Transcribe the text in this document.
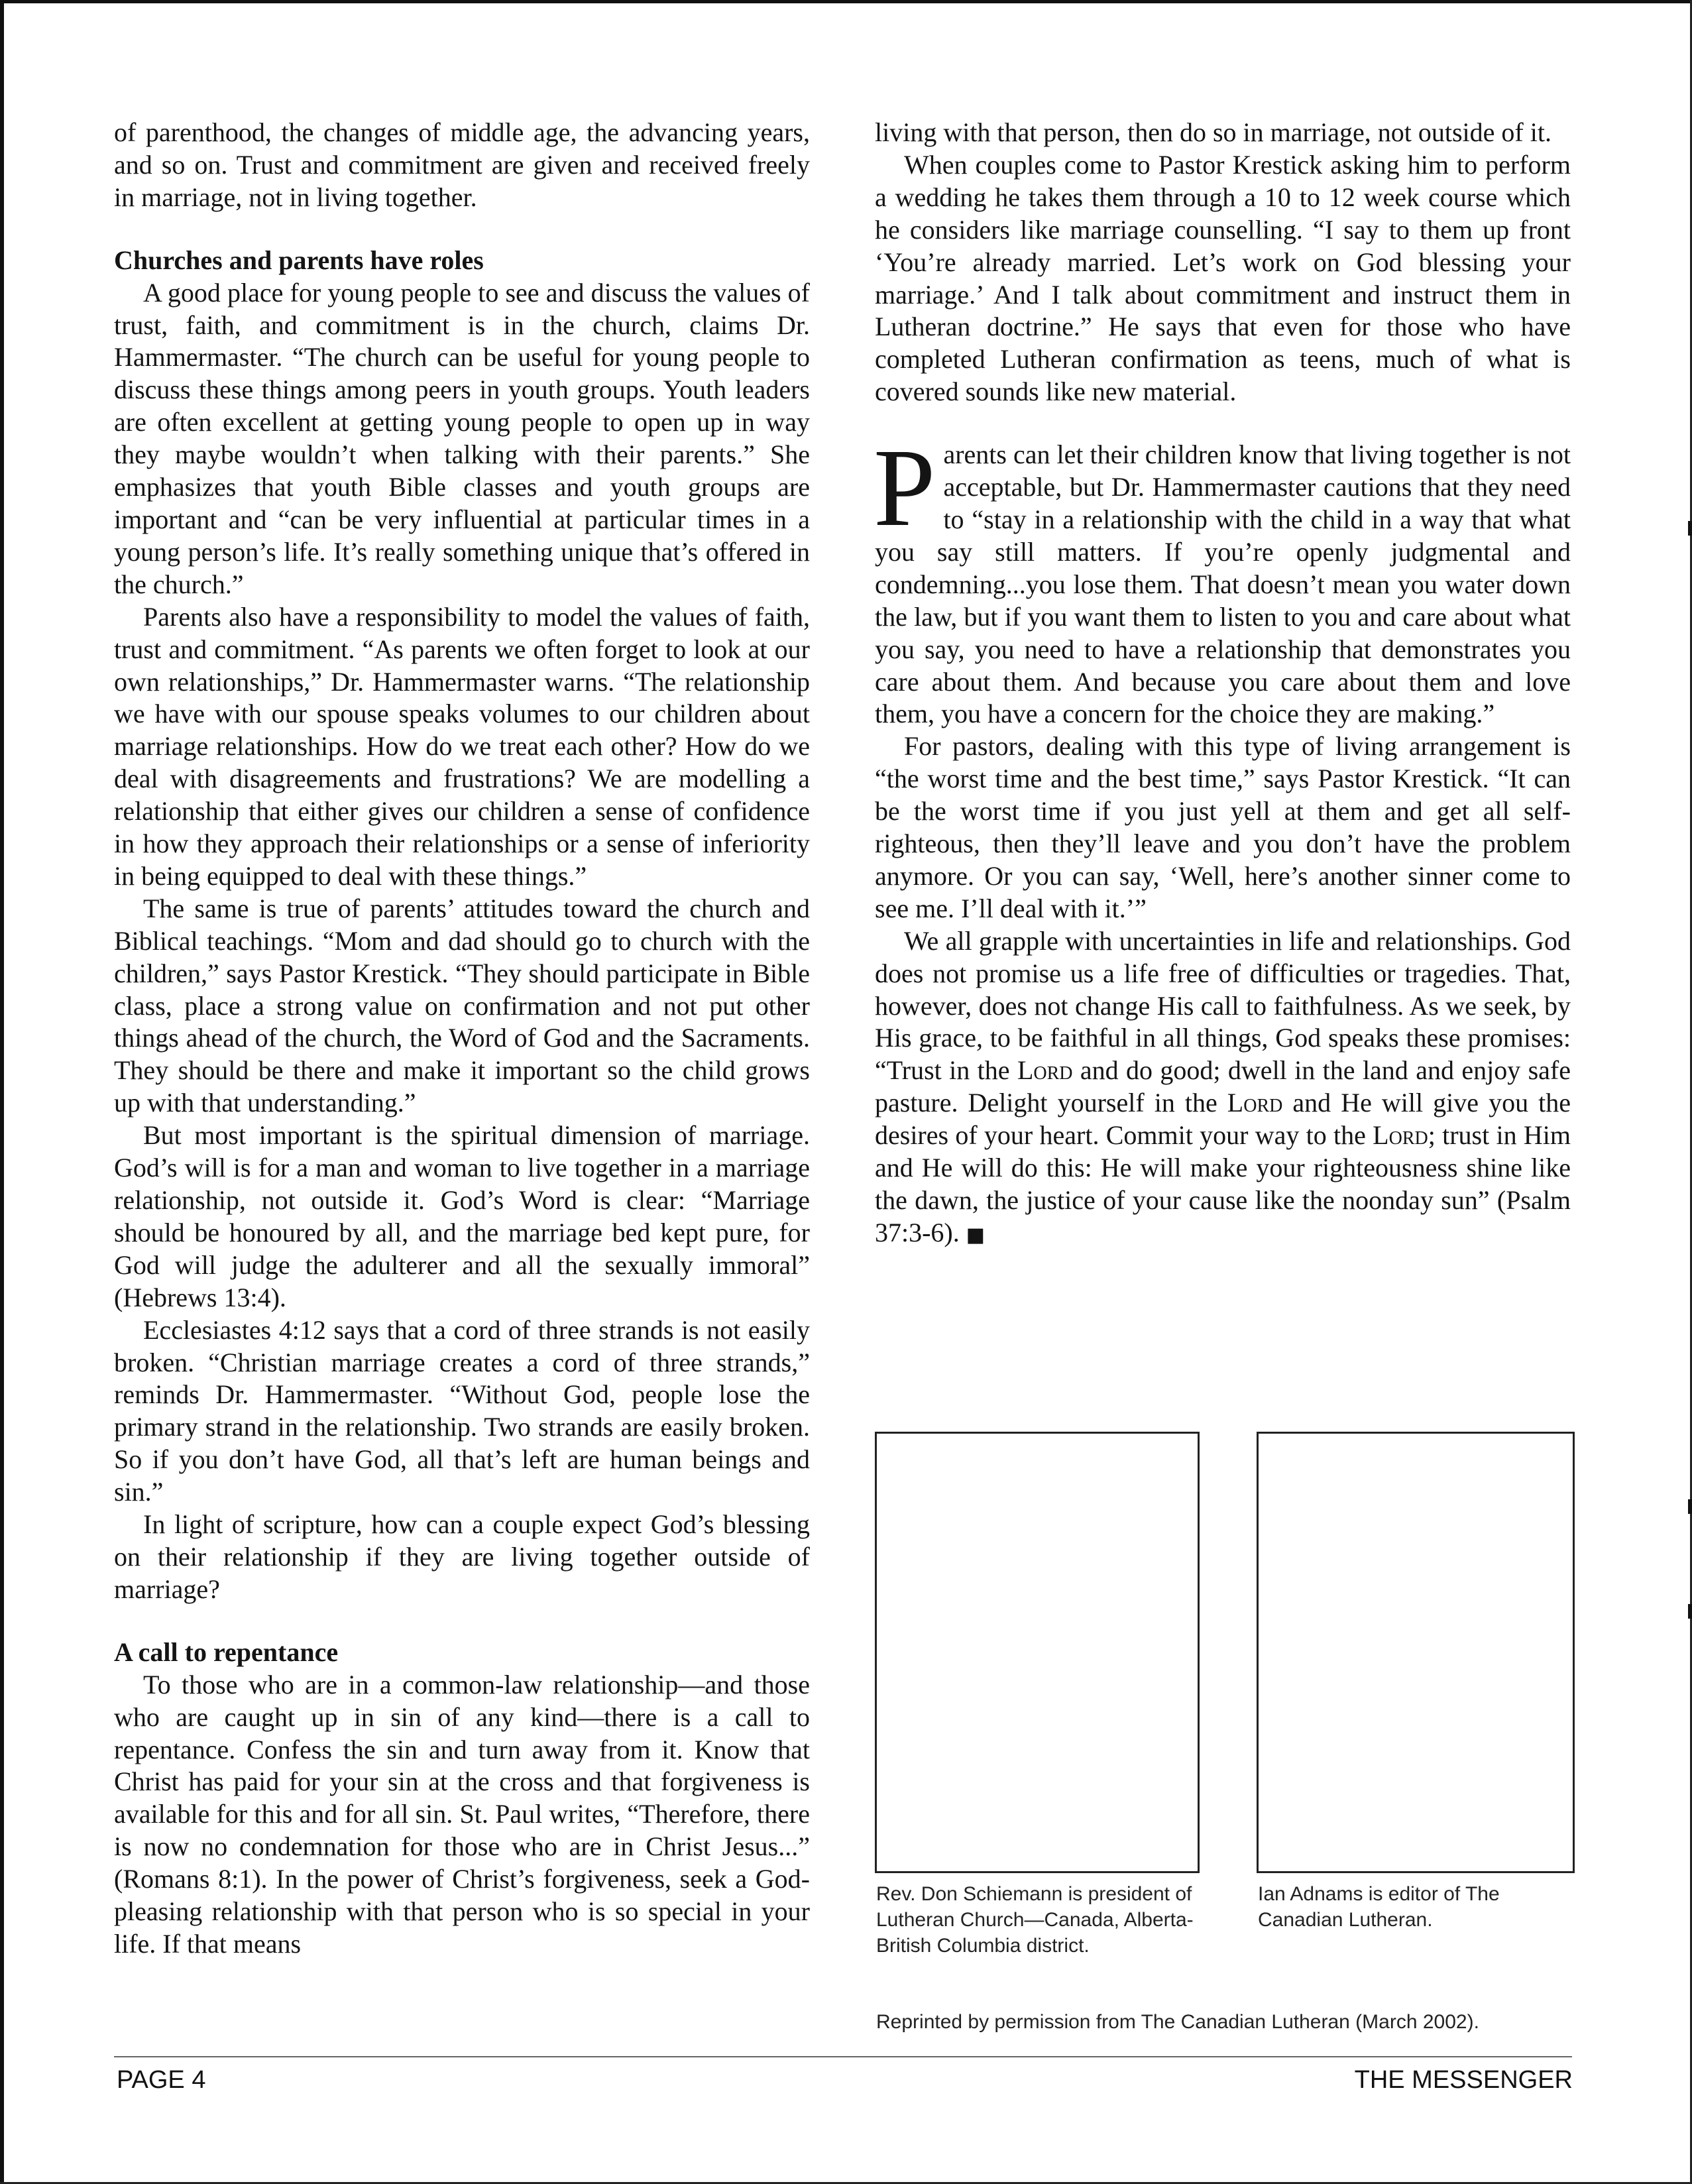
of parenthood, the changes of middle age, the advancing years, and so on. Trust and commitment are given and received freely in marriage, not in living together.

Churches and parents have roles

A good place for young people to see and discuss the values of trust, faith, and commitment is in the church, claims Dr. Hammermaster. “The church can be useful for young people to discuss these things among peers in youth groups. Youth leaders are often excellent at getting young people to open up in way they maybe wouldn’t when talking with their parents.” She emphasizes that youth Bible classes and youth groups are important and “can be very influential at particular times in a young person’s life. It’s really something unique that’s offered in the church.”

Parents also have a responsibility to model the values of faith, trust and commitment. “As parents we often forget to look at our own relationships,” Dr. Hammermaster warns. “The relationship we have with our spouse speaks volumes to our children about marriage relationships. How do we treat each other? How do we deal with disagreements and frustrations? We are modelling a relationship that either gives our children a sense of confidence in how they approach their relationships or a sense of inferiority in being equipped to deal with these things.”

The same is true of parents’ attitudes toward the church and Biblical teachings. “Mom and dad should go to church with the children,” says Pastor Krestick. “They should participate in Bible class, place a strong value on confirmation and not put other things ahead of the church, the Word of God and the Sacraments. They should be there and make it important so the child grows up with that understanding.”

But most important is the spiritual dimension of marriage. God’s will is for a man and woman to live together in a marriage relationship, not outside it. God’s Word is clear: “Marriage should be honoured by all, and the marriage bed kept pure, for God will judge the adulterer and all the sexually immoral” (Hebrews 13:4).

Ecclesiastes 4:12 says that a cord of three strands is not easily broken. “Christian marriage creates a cord of three strands,” reminds Dr. Hammermaster. “Without God, people lose the primary strand in the relationship. Two strands are easily broken. So if you don’t have God, all that’s left are human beings and sin.”

In light of scripture, how can a couple expect God’s blessing on their relationship if they are living together outside of marriage?

A call to repentance

To those who are in a common-law relationship—and those who are caught up in sin of any kind—there is a call to repentance. Confess the sin and turn away from it. Know that Christ has paid for your sin at the cross and that forgiveness is available for this and for all sin. St. Paul writes, “Therefore, there is now no condemnation for those who are in Christ Jesus...” (Romans 8:1). In the power of Christ’s forgiveness, seek a God-pleasing relationship with that person who is so special in your life. If that means

living with that person, then do so in marriage, not outside of it.

When couples come to Pastor Krestick asking him to perform a wedding he takes them through a 10 to 12 week course which he considers like marriage counselling. “I say to them up front ‘You’re already married. Let’s work on God blessing your marriage.’ And I talk about commitment and instruct them in Lutheran doctrine.” He says that even for those who have completed Lutheran confirmation as teens, much of what is covered sounds like new material.

Parents can let their children know that living together is not acceptable, but Dr. Hammermaster cautions that they need to “stay in a relationship with the child in a way that what you say still matters. If you’re openly judgmental and condemning...you lose them. That doesn’t mean you water down the law, but if you want them to listen to you and care about what you say, you need to have a relationship that demonstrates you care about them. And because you care about them and love them, you have a concern for the choice they are making.”

For pastors, dealing with this type of living arrangement is “the worst time and the best time,” says Pastor Krestick. “It can be the worst time if you just yell at them and get all self-righteous, then they’ll leave and you don’t have the problem anymore. Or you can say, ‘Well, here’s another sinner come to see me. I’ll deal with it.’”

We all grapple with uncertainties in life and relationships. God does not promise us a life free of difficulties or tragedies. That, however, does not change His call to faithfulness. As we seek, by His grace, to be faithful in all things, God speaks these promises: “Trust in the Lord and do good; dwell in the land and enjoy safe pasture. Delight yourself in the Lord and He will give you the desires of your heart. Commit your way to the Lord; trust in Him and He will do this: He will make your righteousness shine like the dawn, the justice of your cause like the noonday sun” (Psalm 37:3-6). ■

Rev. Don Schiemann is president of Lutheran Church—Canada, Alberta-British Columbia district.
Ian Adnams is editor of The Canadian Lutheran.
Reprinted by permission from The Canadian Lutheran (March 2002).
PAGE 4	THE MESSENGER
